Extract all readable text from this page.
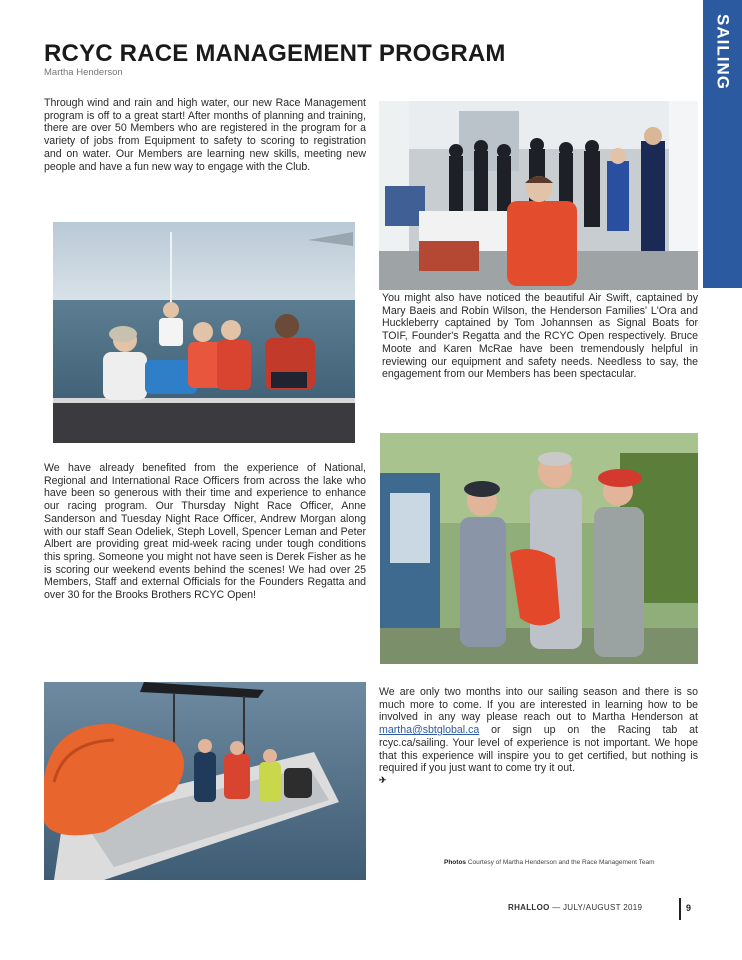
SAILING
RCYC RACE MANAGEMENT PROGRAM
Martha Henderson

Through wind and rain and high water, our new Race Management program is off to a great start! After months of planning and training, there are over 50 Members who are registered in the program for a variety of jobs from Equipment to safety to scoring to registration and on water. Our Members are learning new skills, meeting new people and have a fun new way to engage with the Club.

You might also have noticed the beautiful Air Swift, captained by Mary Baeis and Robin Wilson, the Henderson Families' L'Ora and Huckleberry captained by Tom Johannsen as Signal Boats for TOIF, Founder's Regatta and the RCYC Open respectively. Bruce Moote and Karen McRae have been tremendously helpful in reviewing our equipment and safety needs. Needless to say, the engagement from our Members has been spectacular.

We have already benefited from the experience of National, Regional and International Race Officers from across the lake who have been so generous with their time and experience to enhance our racing program. Our Thursday Night Race Officer, Anne Sanderson and Tuesday Night Race Officer, Andrew Morgan along with our staff Sean Odeliek, Steph Lovell, Spencer Leman and Peter Albert are providing great mid-week racing under tough conditions this spring. Someone you might not have seen is Derek Fisher as he is scoring our weekend events behind the scenes! We had over 25 Members, Staff and external Officials for the Founders Regatta and over 30 for the Brooks Brothers RCYC Open!

We are only two months into our sailing season and there is so much more to come. If you are interested in learning how to be involved in any way please reach out to Martha Henderson at martha@sbtglobal.ca or sign up on the Racing tab at rcyc.ca/sailing. Your level of experience is not important. We hope that this experience will inspire you to get certified, but nothing is required if you just want to come try it out.

✈
Photos Courtesy of Martha Henderson and the Race Management Team
RHALLOO — JULY/AUGUST 2019	9
